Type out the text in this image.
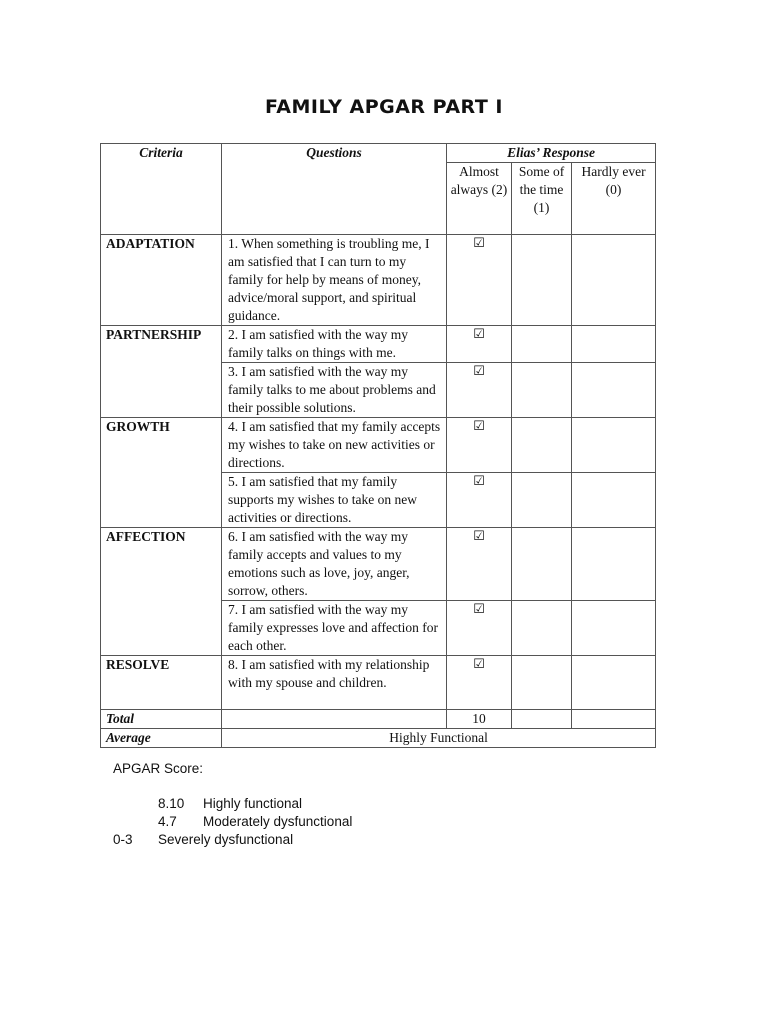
FAMILY APGAR PART I
Criteria	Questions	Elias’ Response		
		Almost always (2)	Some of the time (1)	Hardly ever (0)
ADAPTATION	1. When something is troubling me, I am satisfied that I can turn to my family for help by means of money, advice/moral support, and spiritual guidance.	☑		
PARTNERSHIP	2. I am satisfied with the way my family talks on things with me.	☑		
	3. I am satisfied with the way my family talks to me about problems and their possible solutions.	☑		
GROWTH	4. I am satisfied that my family accepts my wishes to take on new activities or directions.	☑		
	5. I am satisfied that my family supports my wishes to take on new activities or directions.	☑		
AFFECTION	6. I am satisfied with the way my family accepts and values to my emotions such as love, joy, anger, sorrow, others.	☑		
	7. I am satisfied with the way my family expresses love and affection for each other.	☑		
RESOLVE	8. I am satisfied with my relationship with my spouse and children.	☑		
Total		10		
Average	Highly Functional			
APGAR Score:
8.10 Highly functional
4.7 Moderately dysfunctional
0-3 Severely dysfunctional
